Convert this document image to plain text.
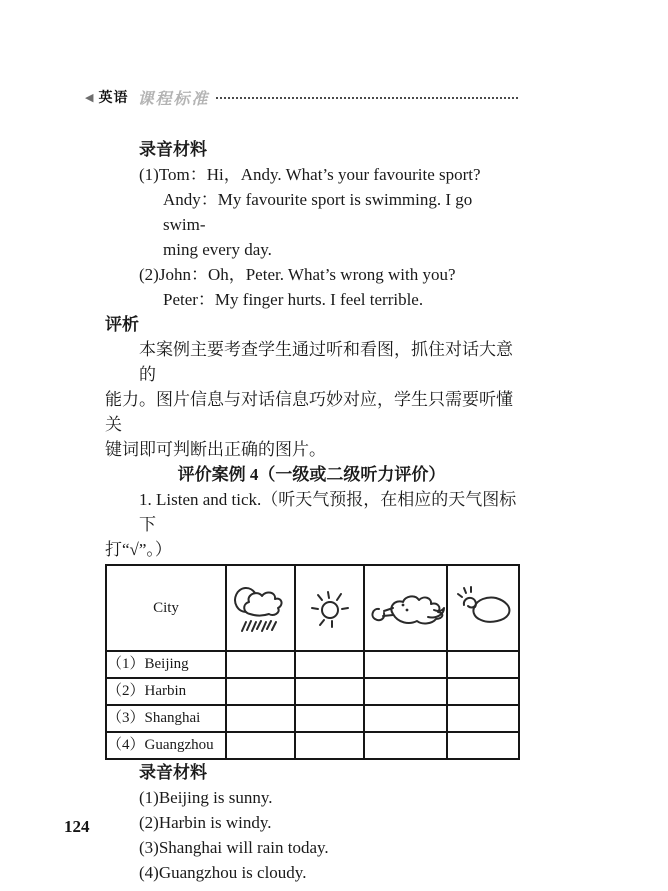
◀ 英语 课程标准

录音材料

(1)Tom：Hi，Andy. What’s your favourite sport?

Andy：My favourite sport is swimming. I go swim-

ming every day.

(2)John：Oh，Peter. What’s wrong with you?

Peter：My finger hurts. I feel terrible.

评析

本案例主要考查学生通过听和看图，抓住对话大意的

能力。图片信息与对话信息巧妙对应，学生只需要听懂关

键词即可判断出正确的图片。

评价案例 4（一级或二级听力评价）

1. Listen and tick.（听天气预报，在相应的天气图标下

打“√”。）

City	

（1）Beijing				
（2）Harbin				
（3）Shanghai				
（4）Guangzhou				

录音材料

(1)Beijing is sunny.

(2)Harbin is windy.

(3)Shanghai will rain today.

(4)Guangzhou is cloudy.

124
